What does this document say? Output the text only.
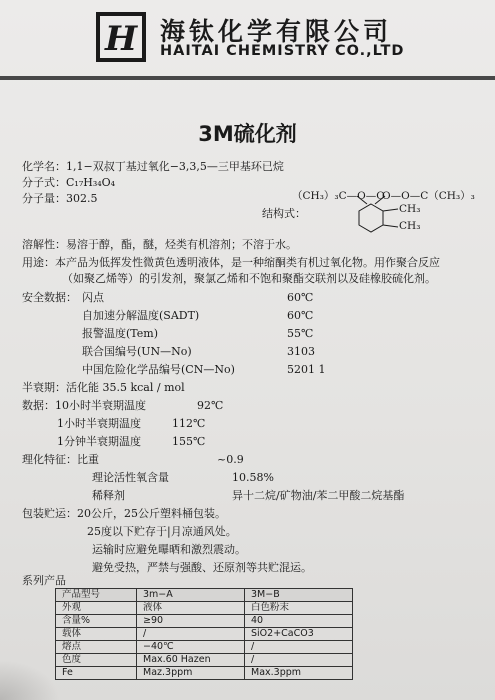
H 海钛化学有限公司
HAITAI CHEMISTRY CO.,LTD
3M硫化剂
化学名：1,1−双叔丁基过氧化−3,3,5—三甲基环已烷
分子式：C₁₇H₃₄O₄
分子量：302.5	（CH₃）₃C—O—O
O—O—C（CH₃）₃
结构式：	CH₃
CH₃
溶解性：易溶于醇，酯，醚，烃类有机溶剂；不溶于水。
用途：本产品为低挥发性微黄色透明液体，是一种缩酮类有机过氧化物。用作聚合反应
（如聚乙烯等）的引发剂，聚氯乙烯和不饱和聚酯交联剂以及硅橡胶硫化剂。
安全数据： 闪点	60℃
自加速分解温度(SADT)	60℃
报警温度(Tem)	55℃
联合国编号(UN—No)	3103
中国危险化学品编号(CN—No)	5201 1
半衰期：活化能 35.5 kcal / mol
数据：10小时半衰期温度	92℃
1小时半衰期温度	112℃
1分钟半衰期温度	155℃
理化特征：比重	~0.9
理论活性氧含量	10.58%
稀释剂	异十二烷/矿物油/苯二甲酸二烷基酯
包装贮运：20公斤，25公斤塑料桶包装。
25度以下贮存于|月凉通风处。
运输时应避免曝晒和激烈震动。
避免受热，严禁与强酸、还原剂等共贮混运。
系列产品
产品型号	3m−A	3M−B
外观	液体	白色粉末
含量%	≥90	40
载体	/	SiO2+CaCO3
熔点	−40℃	/
色度	Max.60 Hazen	/
Fe	Maz.3ppm	Max.3ppm
